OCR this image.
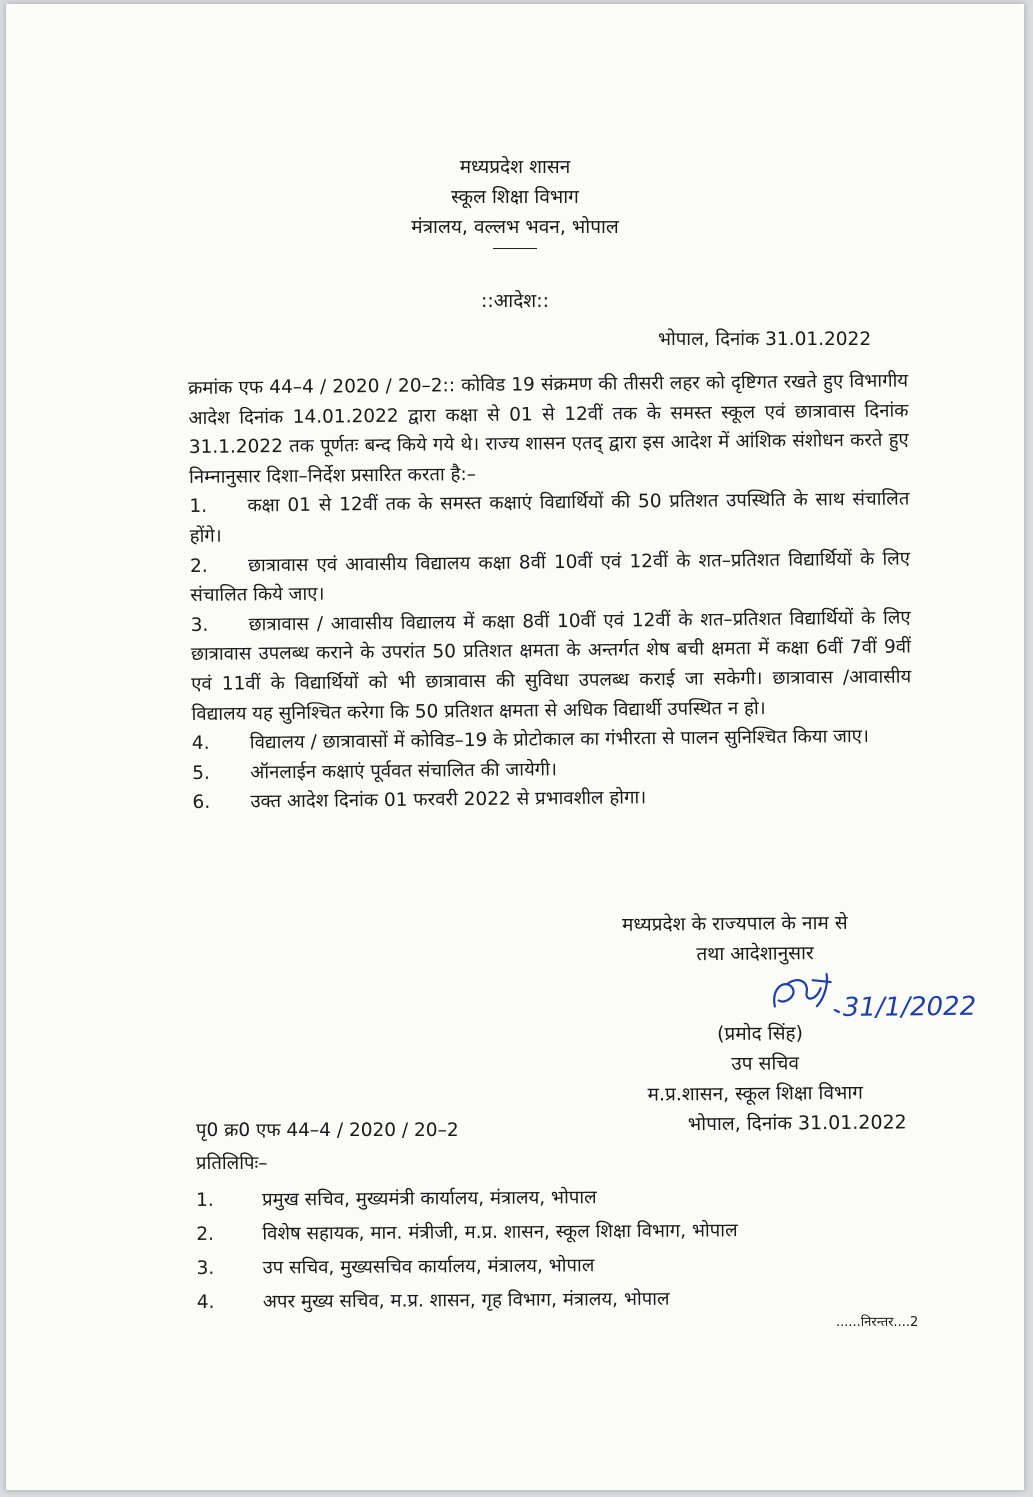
मध्यप्रदेश शासन
स्कूल शिक्षा विभाग
मंत्रालय, वल्लभ भवन, भोपाल
::आदेश::
भोपाल, दिनांक 31.01.2022

क्रमांक एफ 44–4 / 2020 / 20–2:: कोविड 19 संक्रमण की तीसरी लहर को दृष्टिगत रखते हुए विभागीय आदेश दिनांक 14.01.2022 द्वारा कक्षा से 01 से 12वीं तक के समस्त स्कूल एवं छात्रावास दिनांक 31.1.2022 तक पूर्णतः बन्द किये गये थे। राज्य शासन एतद् द्वारा इस आदेश में आंशिक संशोधन करते हुए निम्नानुसार दिशा–निर्देश प्रसारित करता है:–

1. कक्षा 01 से 12वीं तक के समस्त कक्षाएं विद्यार्थियों की 50 प्रतिशत उपस्थिति के साथ संचालित होंगे।
2. छात्रावास एवं आवासीय विद्यालय कक्षा 8वीं 10वीं एवं 12वीं के शत–प्रतिशत विद्यार्थियों के लिए संचालित किये जाए।
3. छात्रावास / आवासीय विद्यालय में कक्षा 8वीं 10वीं एवं 12वीं के शत–प्रतिशत विद्यार्थियों के लिए छात्रावास उपलब्ध कराने के उपरांत 50 प्रतिशत क्षमता के अन्तर्गत शेष बची क्षमता में कक्षा 6वीं 7वीं 9वीं एवं 11वीं के विद्यार्थियों को भी छात्रावास की सुविधा उपलब्ध कराई जा सकेगी। छात्रावास /आवासीय विद्यालय यह सुनिश्चित करेगा कि 50 प्रतिशत क्षमता से अधिक विद्यार्थी उपस्थित न हो।
4. विद्यालय / छात्रावासों में कोविड–19 के प्रोटोकाल का गंभीरता से पालन सुनिश्चित किया जाए।
5. ऑनलाईन कक्षाएं पूर्ववत संचालित की जायेगी।
6. उक्त आदेश दिनांक 01 फरवरी 2022 से प्रभावशील होगा।
मध्यप्रदेश के राज्यपाल के नाम से
तथा आदेशानुसार
31/1/2022
(प्रमोद सिंह)
उप सचिव
म.प्र.शासन, स्कूल शिक्षा विभाग
भोपाल, दिनांक 31.01.2022
पृ0 क्र0 एफ 44–4 / 2020 / 20–2
प्रतिलिपिः–
1.	प्रमुख सचिव, मुख्यमंत्री कार्यालय, मंत्रालय, भोपाल
2.	विशेष सहायक, मान. मंत्रीजी, म.प्र. शासन, स्कूल शिक्षा विभाग, भोपाल
3.	उप सचिव, मुख्यसचिव कार्यालय, मंत्रालय, भोपाल
4.	अपर मुख्य सचिव, म.प्र. शासन, गृह विभाग, मंत्रालय, भोपाल
......निरन्तर....2
